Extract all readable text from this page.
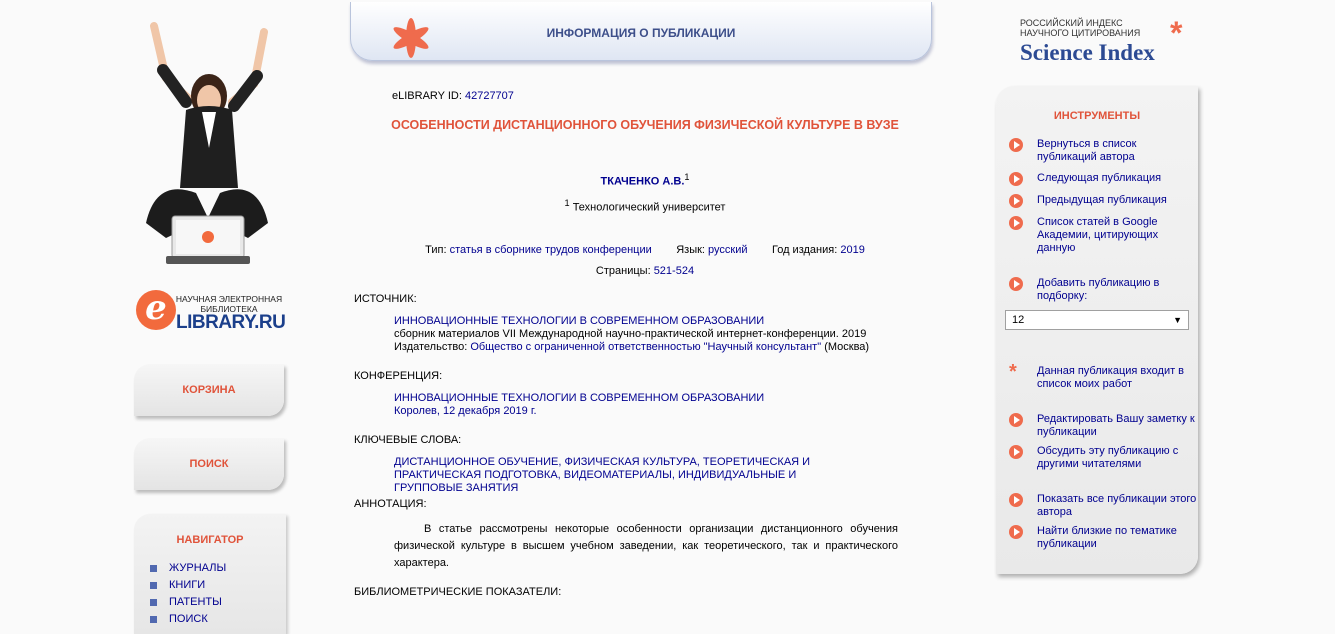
e	НАУЧНАЯ ЭЛЕКТРОННАЯ БИБЛИОТЕКА
LIBRARY.RU
КОРЗИНА
ПОИСК
НАВИГАТОР
ЖУРНАЛЫ
КНИГИ
ПАТЕНТЫ
ПОИСК
ИНФОРМАЦИЯ О ПУБЛИКАЦИИ
eLIBRARY ID: 42727707
ОСОБЕННОСТИ ДИСТАНЦИОННОГО ОБУЧЕНИЯ ФИЗИЧЕСКОЙ КУЛЬТУРЕ В ВУЗЕ
ТКАЧЕНКО А.В.$^1$
$^1$ Технологический университет
Тип: статья в сборнике трудов конференции Язык: русский Год издания: 2019
Страницы: 521-524
ИСТОЧНИК:
ИННОВАЦИОННЫЕ ТЕХНОЛОГИИ В СОВРЕМЕННОМ ОБРАЗОВАНИИ
сборник материалов VII Международной научно-практической интернет-конференции. 2019
Издательство: Общество с ограниченной ответственностью "Научный консультант" (Москва)
КОНФЕРЕНЦИЯ:
ИННОВАЦИОННЫЕ ТЕХНОЛОГИИ В СОВРЕМЕННОМ ОБРАЗОВАНИИ
Королев, 12 декабря 2019 г.
КЛЮЧЕВЫЕ СЛОВА:
ДИСТАНЦИОННОЕ ОБУЧЕНИЕ, ФИЗИЧЕСКАЯ КУЛЬТУРА, ТЕОРЕТИЧЕСКАЯ И ПРАКТИЧЕСКАЯ ПОДГОТОВКА, ВИДЕОМАТЕРИАЛЫ, ИНДИВИДУАЛЬНЫЕ И ГРУППОВЫЕ ЗАНЯТИЯ
АННОТАЦИЯ:
В статье рассмотрены некоторые особенности организации дистанционного обучения физической культуре в высшем учебном заведении, как теоретического, так и практического характера.
БИБЛИОМЕТРИЧЕСКИЕ ПОКАЗАТЕЛИ:
РОССИЙСКИЙ ИНДЕКС НАУЧНОГО ЦИТИРОВАНИЯ
Science Index
*
ИНСТРУМЕНТЫ
Вернуться в список публикаций автора
Следующая публикация
Предыдущая публикация
Список статей в Google Академии, цитирующих данную
Добавить публикацию в подборку:
12	▼
* Данная публикация входит в список моих работ
Редактировать Вашу заметку к публикации
Обсудить эту публикацию с другими читателями
Показать все публикации этого автора
Найти близкие по тематике публикации
